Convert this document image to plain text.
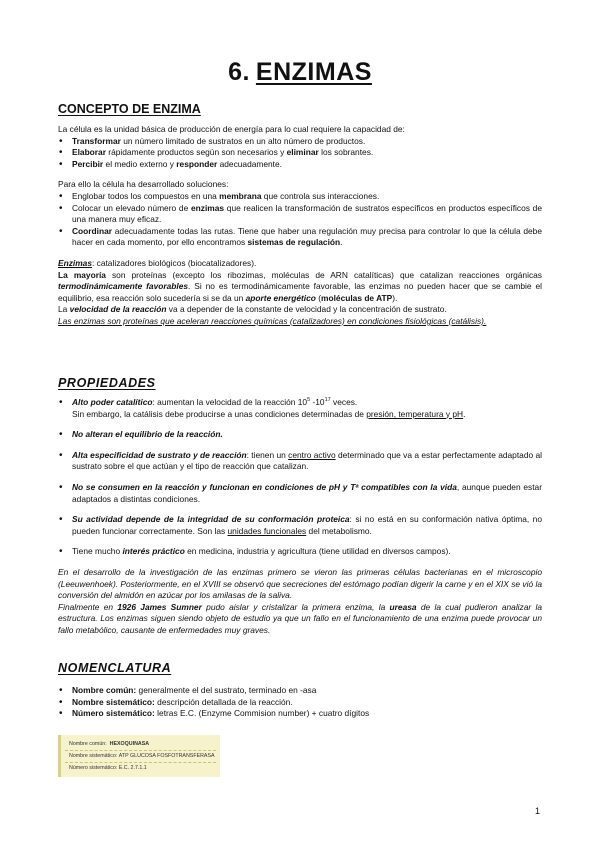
6. ENZIMAS
CONCEPTO DE ENZIMA

La célula es la unidad básica de producción de energía para lo cual requiere la capacidad de:

• Transformar un número limitado de sustratos en un alto número de productos.
• Elaborar rápidamente productos según son necesarios y eliminar los sobrantes.
• Percibir el medio externo y responder adecuadamente.

Para ello la célula ha desarrollado soluciones:

• Englobar todos los compuestos en una membrana que controla sus interacciones.
• Colocar un elevado número de enzimas que realicen la transformación de sustratos específicos en productos específicos de una manera muy eficaz.
• Coordinar adecuadamente todas las rutas. Tiene que haber una regulación muy precisa para controlar lo que la célula debe hacer en cada momento, por ello encontramos sistemas de regulación.

Enzimas: catalizadores biológicos (biocatalizadores).

La mayoría son proteínas (excepto los ribozimas, moléculas de ARN catalíticas) que catalizan reacciones orgánicas termodinámicamente favorables. Si no es termodinámicamente favorable, las enzimas no pueden hacer que se cambie el equilibrio, esa reacción solo sucedería si se da un aporte energético (moléculas de ATP).

La velocidad de la reacción va a depender de la constante de velocidad y la concentración de sustrato.

Las enzimas son proteínas que aceleran reacciones químicas (catalizadores) en condiciones fisiológicas (catálisis).

PROPIEDADES
• Alto poder catalítico: aumentan la velocidad de la reacción $10^5$ $-10^{17}$ veces.
Sin embargo, la catálisis debe producirse a unas condiciones determinadas de presión, temperatura y pH.
• No alteran el equilibrio de la reacción.
• Alta especificidad de sustrato y de reacción: tienen un centro activo determinado que va a estar perfectamente adaptado al sustrato sobre el que actúan y el tipo de reacción que catalizan.
• No se consumen en la reacción y funcionan en condiciones de pH y Tª compatibles con la vida, aunque pueden estar adaptados a distintas condiciones.
• Su actividad depende de la integridad de su conformación proteica: si no está en su conformación nativa óptima, no pueden funcionar correctamente. Son las unidades funcionales del metabolismo.
• Tiene mucho interés práctico en medicina, industria y agricultura (tiene utilidad en diversos campos).

En el desarrollo de la investigación de las enzimas primero se vieron las primeras células bacterianas en el microscopio (Leeuwenhoek). Posteriormente, en el XVIII se observó que secreciones del estómago podían digerir la carne y en el XIX se vió la conversión del almidón en azúcar por los amilasas de la saliva.

Finalmente en 1926 James Sumner pudo aislar y cristalizar la primera enzima, la ureasa de la cual pudieron analizar la estructura. Los enzimas siguen siendo objeto de estudio ya que un fallo en el funcionamiento de una enzima puede provocar un fallo metabólico, causante de enfermedades muy graves.

NOMENCLATURA
• Nombre común: generalmente el del sustrato, terminado en -asa
• Nombre sistemático: descripción detallada de la reacción.
• Número sistemático: letras E.C. (Enzyme Commision number) + cuatro dígitos
Nombre común: HEXOQUINASA
Nombre sistemático: ATP GLUCOSA FOSFOTRANSFERASA
Número sistemático: E.C. 2.7.1.1
1
